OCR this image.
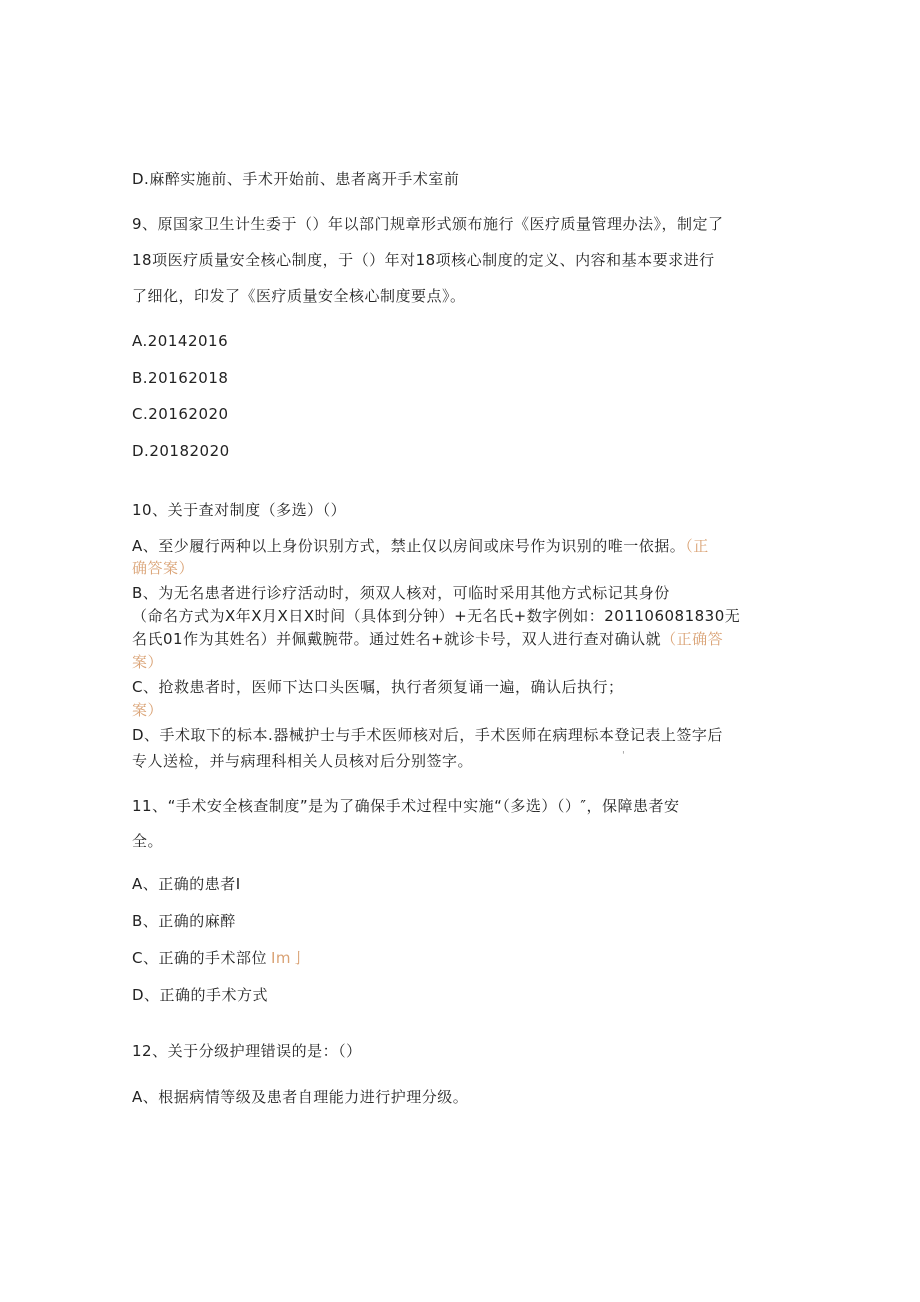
D.麻醉实施前、手术开始前、患者离开手术室前
9、原国家卫生计生委于（）年以部门规章形式颁布施行《医疗质量管理办法》，制定了
18项医疗质量安全核心制度，于（）年对18项核心制度的定义、内容和基本要求进行
了细化，印发了《医疗质量安全核心制度要点》。
A.20142016
B.20162018
C.20162020
D.20182020
10、关于查对制度（多选）（）
A、至少履行两种以上身份识别方式，禁止仅以房间或床号作为识别的唯一依据。（正
确答案）
B、为无名患者进行诊疗活动时，须双人核对，可临时采用其他方式标记其身份
（命名方式为X年X月X日X时间（具体到分钟）+无名氏+数字例如：201106081830无
名氏01作为其姓名）并佩戴腕带。通过姓名+就诊卡号，双人进行查对确认就（正确答
案）
C、抢救患者时，医师下达口头医嘱，执行者须复诵一遍，确认后执行；
案）
D、手术取下的标本.器械护士与手术医师核对后，手术医师在病理标本登记表上签字后
专人送检，并与病理科相关人员核对后分别签字。	'
11、“手术安全核查制度”是为了确保手术过程中实施“（多选）（）″，保障患者安
全。
A、正确的患者I
B、正确的麻醉
C、正确的手术部位 Im亅
D、正确的手术方式
12、关于分级护理错误的是：（）
A、根据病情等级及患者自理能力进行护理分级。
